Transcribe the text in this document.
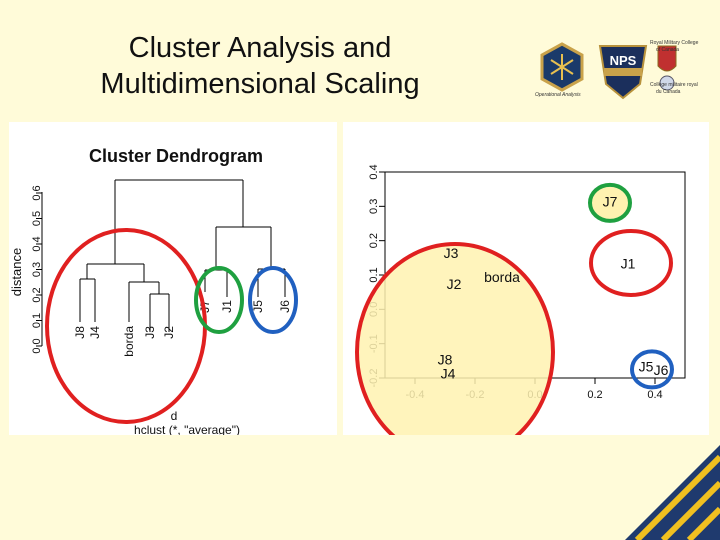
Cluster Analysis and
Multidimensional Scaling
NPS
Operational Analysis
Royal Military College
of Canada
Collège militaire royal
du Canada
Cluster Dendrogram
distance
0.0
0.1
0.2
0.3
0.4
0.5
0.6
J8 J4 borda J3 J2
J7 J1 J5 J6
d
hclust (*, "average")
0.1
0.2
0.3
0.4
0.2	0.4
J7
J3
J1
J2 borda
J8
J4	J5 J6
